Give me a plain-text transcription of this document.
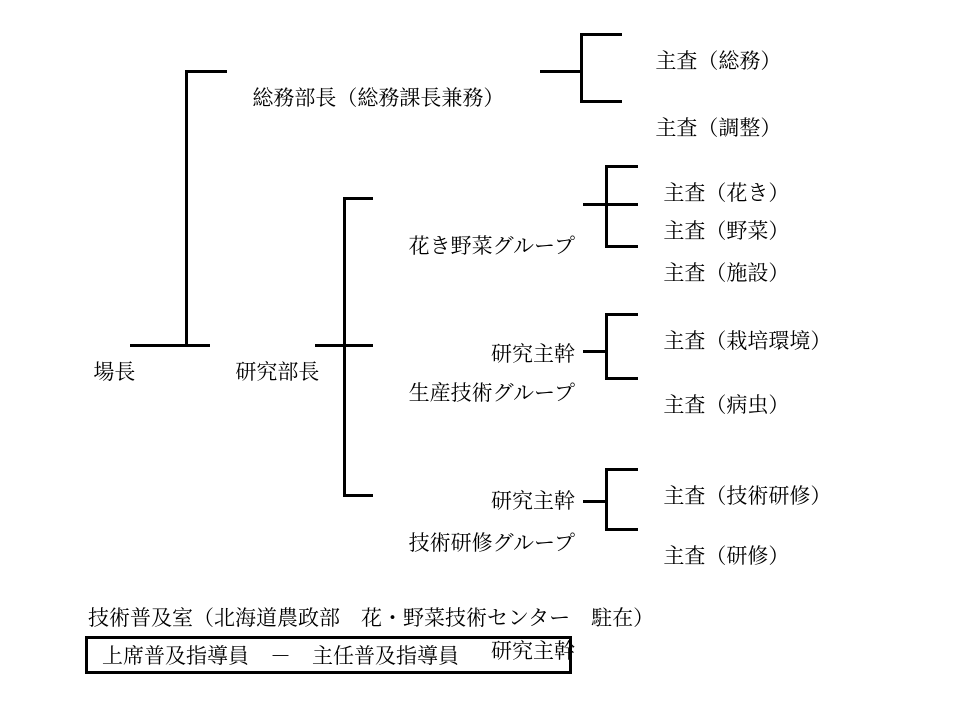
場長

総務部長（総務課長兼務）

研究部長

主査（総務）

主査（調整）

花き野菜グループ

研究主幹

生産技術グループ

研究主幹

技術研修グループ

研究主幹

主査（花き）

主査（野菜）

主査（施設）

主査（栽培環境）

主査（病虫）

主査（技術研修）

主査（研修）

技術普及室（北海道農政部　花・野菜技術センター　駐在）
上席普及指導員　－　主任普及指導員
